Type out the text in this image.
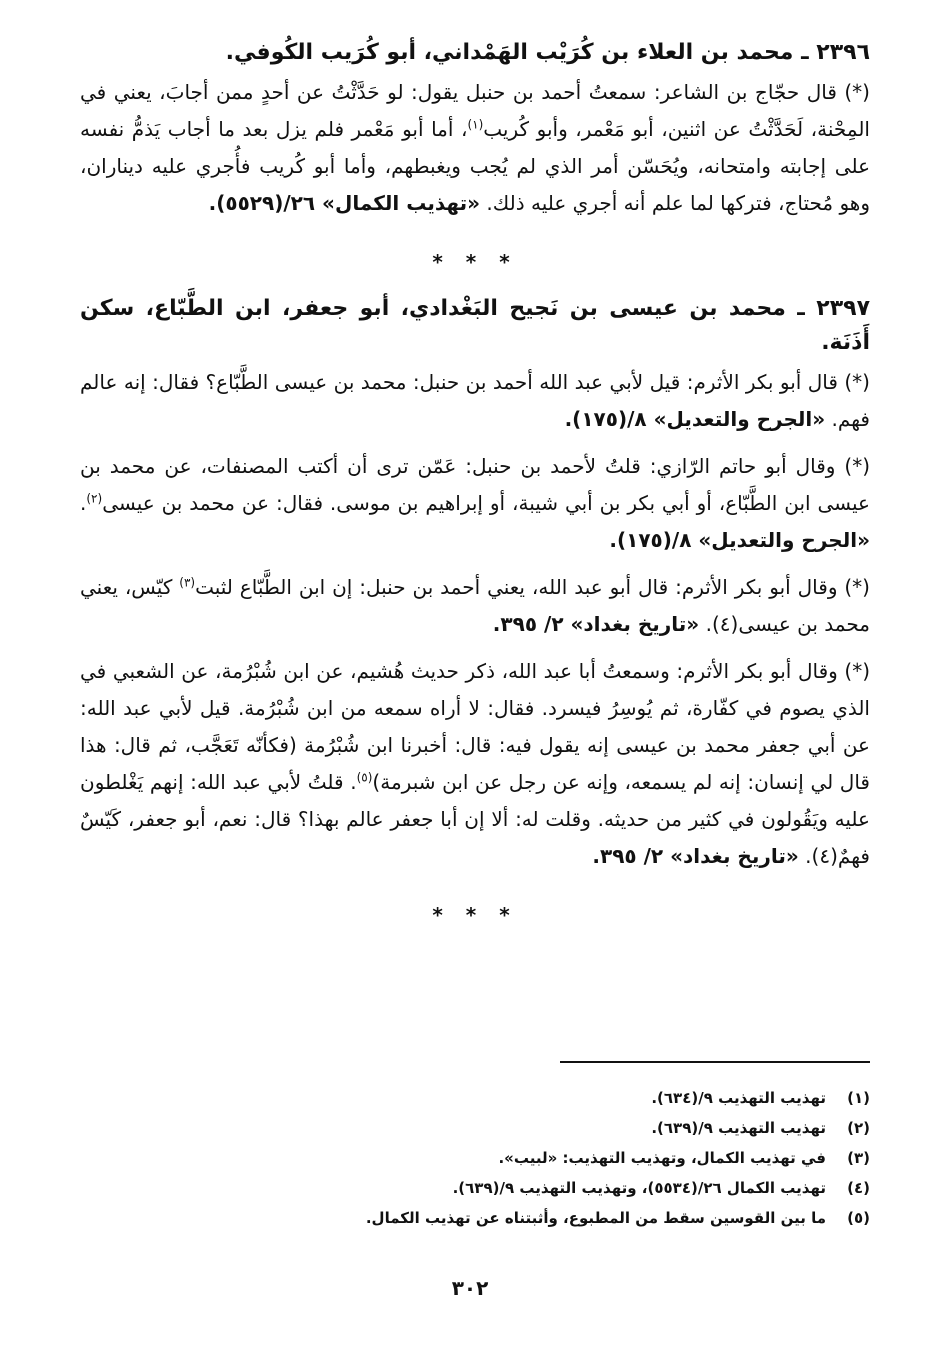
٢٣٩٦ ـ محمد بن العلاء بن كُرَيْب الهَمْداني، أبو كُرَيب الكُوفي.

(*) قال حجّاج بن الشاعر: سمعتُ أحمد بن حنبل يقول: لو حَدَّثْتُ عن أحدٍ ممن أجابَ، يعني في المِحْنة، لَحَدَّثْتُ عن اثنين، أبو مَعْمر، وأبو كُريب$^{(١)}$، أما أبو مَعْمر فلم يزل بعد ما أجاب يَذمُّ نفسه على إجابته وامتحانه، ويُحَسّن أمر الذي لم يُجب ويغبطهم، وأما أبو كُريب فأُجري عليه ديناران، وهو مُحتاج، فتركها لما علم أنه أجري عليه ذلك. «تهذيب الكمال» ٢٦/(٥٥٢٩).

* * *
٢٣٩٧ ـ محمد بن عيسى بن نَجيح البَغْدادي، أبو جعفر، ابن الطَّبّاع، سكن أَذَنَة.

(*) قال أبو بكر الأثرم: قيل لأبي عبد الله أحمد بن حنبل: محمد بن عيسى الطَّبّاع؟ فقال: إنه عالم فهم. «الجرح والتعديل» ٨/(١٧٥).

(*) وقال أبو حاتم الرّازي: قلتُ لأحمد بن حنبل: عَمّن ترى أن أكتب المصنفات، عن محمد بن عيسى ابن الطَّبّاع، أو أبي بكر بن أبي شيبة، أو إبراهيم بن موسى. فقال: عن محمد بن عيسى$^{(٢)}$. «الجرح والتعديل» ٨/(١٧٥).

(*) وقال أبو بكر الأثرم: قال أبو عبد الله، يعني أحمد بن حنبل: إن ابن الطَّبّاع لثبت$^{(٣)}$ كيّس، يعني محمد بن عيسى(٤). «تاريخ بغداد» ٢/ ٣٩٥.

(*) وقال أبو بكر الأثرم: وسمعتُ أبا عبد الله، ذكر حديث هُشيم، عن ابن شُبْرُمة، عن الشعبي في الذي يصوم في كفّارة، ثم يُوسِرُ فيسرد. فقال: لا أراه سمعه من ابن شُبْرُمة. قيل لأبي عبد الله: عن أبي جعفر محمد بن عيسى إنه يقول فيه: قال: أخبرنا ابن شُبْرُمة (فكأنّه تَعَجَّب، ثم قال: هذا قال لي إنسان: إنه لم يسمعه، وإنه عن رجل عن ابن شبرمة)$^{(٥)}$. قلتُ لأبي عبد الله: إنهم يَغْلطون عليه ويَقُولون في كثير من حديثه. وقلت له: ألا إن أبا جعفر عالم بهذا؟ قال: نعم، أبو جعفر، كَيّسٌ فهمٌ(٤). «تاريخ بغداد» ٢/ ٣٩٥.

* * *
(١)تهذيب التهذيب ٩/(٦٣٤).
(٢)تهذيب التهذيب ٩/(٦٣٩).
(٣)في تهذيب الكمال، وتهذيب التهذيب: «لبيب».
(٤)تهذيب الكمال ٢٦/(٥٥٣٤)، وتهذيب التهذيب ٩/(٦٣٩).
(٥)ما بين القوسين سقط من المطبوع، وأثبتناه عن تهذيب الكمال.
٣٠٢
